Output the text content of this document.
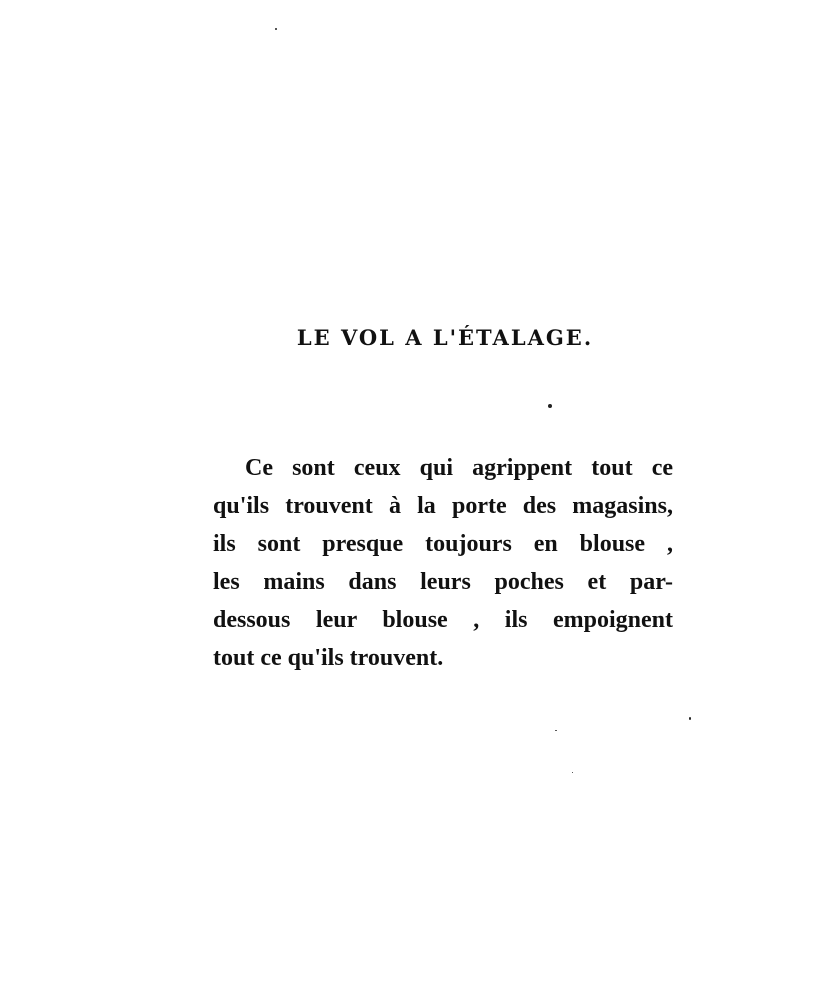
LE VOL A L'ÉTALAGE.
Ce sont ceux qui agrippent tout ce
qu'ils trouvent à la porte des magasins,
ils sont presque toujours en blouse ,
les mains dans leurs poches et par-
dessous leur blouse , ils empoignent
tout ce qu'ils trouvent.
